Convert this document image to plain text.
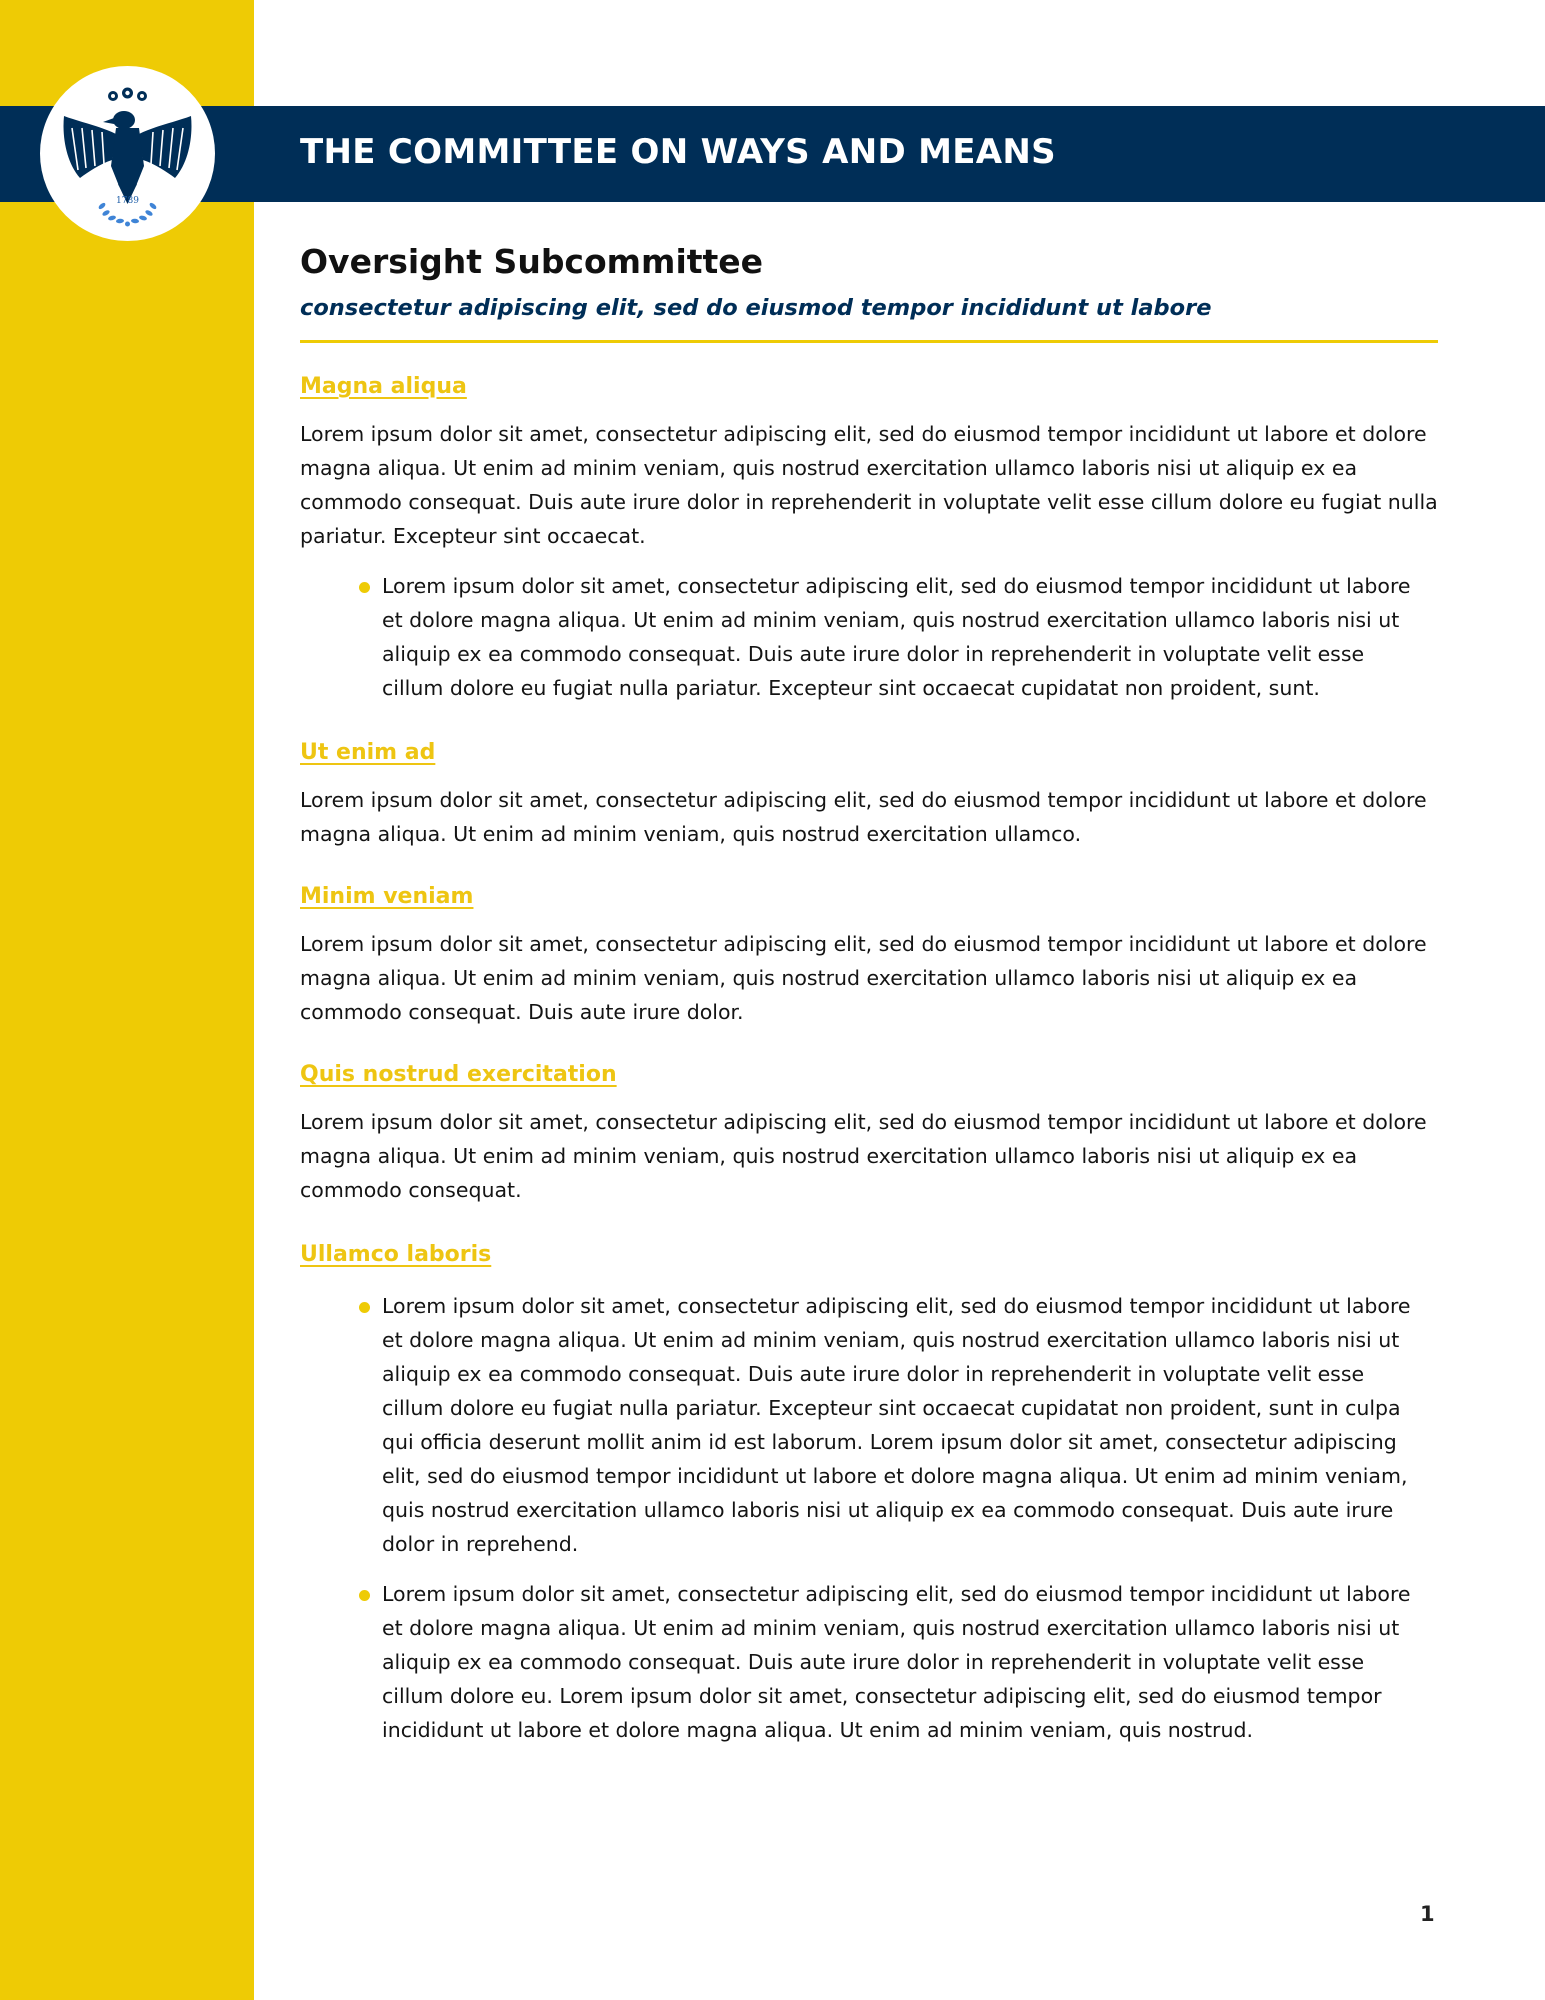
THE COMMITTEE ON WAYS AND MEANS
1789
Oversight Subcommittee
consectetur adipiscing elit, sed do eiusmod tempor incididunt ut labore
Magna aliqua

Lorem ipsum dolor sit amet, consectetur adipiscing elit, sed do eiusmod tempor incididunt ut labore et dolore magna aliqua. Ut enim ad minim veniam, quis nostrud exercitation ullamco laboris nisi ut aliquip ex ea commodo consequat. Duis aute irure dolor in reprehenderit in voluptate velit esse cillum dolore eu fugiat nulla pariatur. Excepteur sint occaecat.

Lorem ipsum dolor sit amet, consectetur adipiscing elit, sed do eiusmod tempor incididunt ut labore et dolore magna aliqua. Ut enim ad minim veniam, quis nostrud exercitation ullamco laboris nisi ut aliquip ex ea commodo consequat. Duis aute irure dolor in reprehenderit in voluptate velit esse cillum dolore eu fugiat nulla pariatur. Excepteur sint occaecat cupidatat non proident, sunt.
Ut enim ad

Lorem ipsum dolor sit amet, consectetur adipiscing elit, sed do eiusmod tempor incididunt ut labore et dolore magna aliqua. Ut enim ad minim veniam, quis nostrud exercitation ullamco.

Minim veniam

Lorem ipsum dolor sit amet, consectetur adipiscing elit, sed do eiusmod tempor incididunt ut labore et dolore magna aliqua. Ut enim ad minim veniam, quis nostrud exercitation ullamco laboris nisi ut aliquip ex ea commodo consequat. Duis aute irure dolor.

Quis nostrud exercitation

Lorem ipsum dolor sit amet, consectetur adipiscing elit, sed do eiusmod tempor incididunt ut labore et dolore magna aliqua. Ut enim ad minim veniam, quis nostrud exercitation ullamco laboris nisi ut aliquip ex ea commodo consequat.

Ullamco laboris
Lorem ipsum dolor sit amet, consectetur adipiscing elit, sed do eiusmod tempor incididunt ut labore et dolore magna aliqua. Ut enim ad minim veniam, quis nostrud exercitation ullamco laboris nisi ut aliquip ex ea commodo consequat. Duis aute irure dolor in reprehenderit in voluptate velit esse cillum dolore eu fugiat nulla pariatur. Excepteur sint occaecat cupidatat non proident, sunt in culpa qui officia deserunt mollit anim id est laborum. Lorem ipsum dolor sit amet, consectetur adipiscing elit, sed do eiusmod tempor incididunt ut labore et dolore magna aliqua. Ut enim ad minim veniam, quis nostrud exercitation ullamco laboris nisi ut aliquip ex ea commodo consequat. Duis aute irure dolor in reprehend.
Lorem ipsum dolor sit amet, consectetur adipiscing elit, sed do eiusmod tempor incididunt ut labore et dolore magna aliqua. Ut enim ad minim veniam, quis nostrud exercitation ullamco laboris nisi ut aliquip ex ea commodo consequat. Duis aute irure dolor in reprehenderit in voluptate velit esse cillum dolore eu. Lorem ipsum dolor sit amet, consectetur adipiscing elit, sed do eiusmod tempor incididunt ut labore et dolore magna aliqua. Ut enim ad minim veniam, quis nostrud.
1
